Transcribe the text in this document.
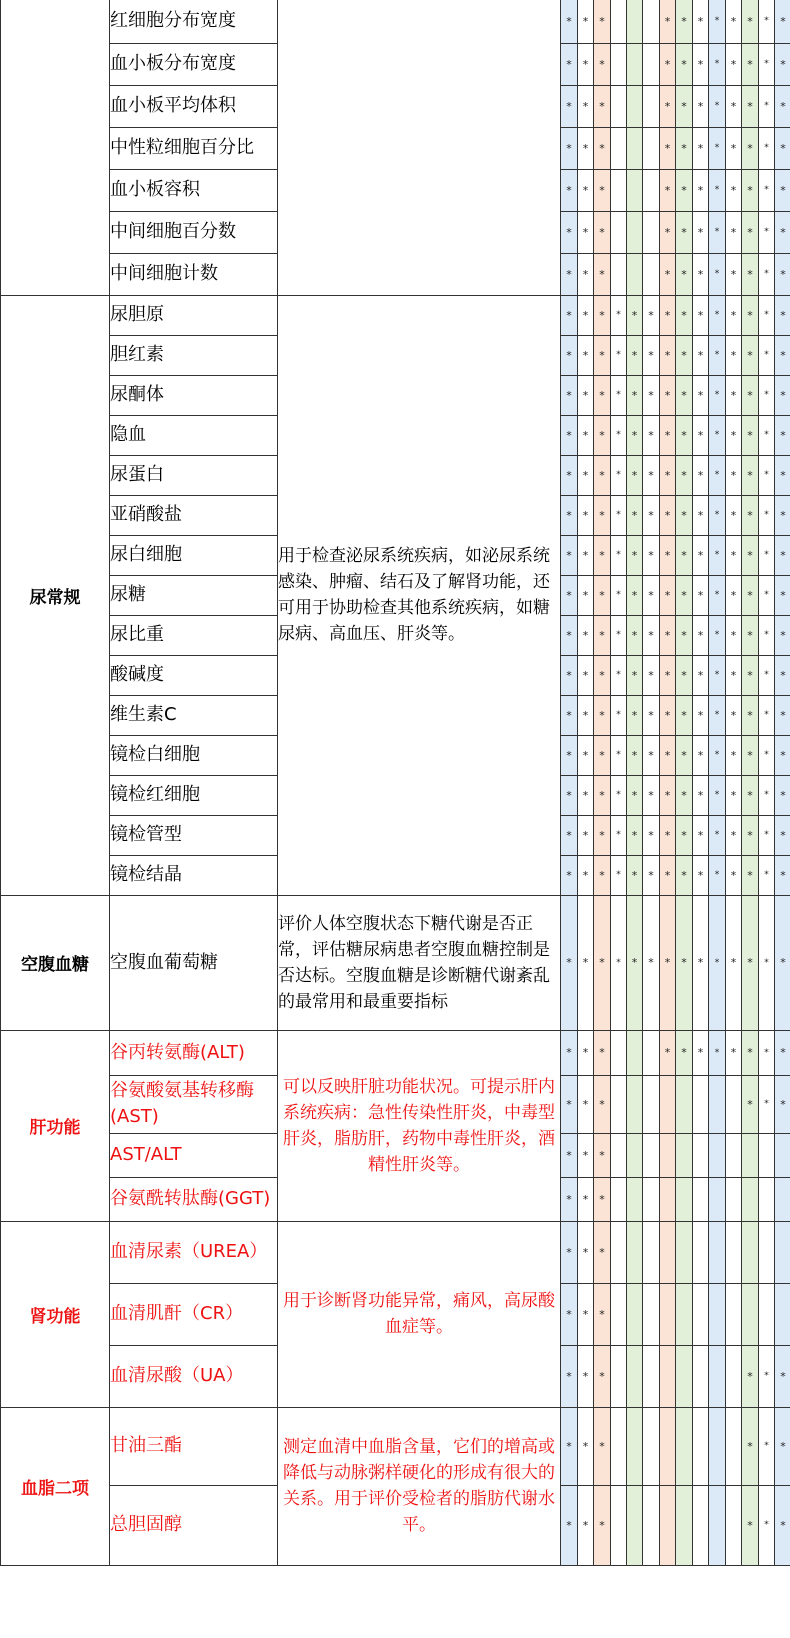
	红细胞分布宽度		*	*	*				*	*	*	*	*	*	*	*
	血小板分布宽度		*	*	*				*	*	*	*	*	*	*	*
	血小板平均体积		*	*	*				*	*	*	*	*	*	*	*
	中性粒细胞百分比		*	*	*				*	*	*	*	*	*	*	*
	血小板容积		*	*	*				*	*	*	*	*	*	*	*
	中间细胞百分数		*	*	*				*	*	*	*	*	*	*	*
	中间细胞计数		*	*	*				*	*	*	*	*	*	*	*
尿常规	尿胆原	用于检查泌尿系统疾病，如泌尿系统感染、肿瘤、结石及了解肾功能，还可用于协助检查其他系统疾病，如糖尿病、高血压、肝炎等。	*	*	*	*	*	*	*	*	*	*	*	*	*	*
	胆红素		*	*	*	*	*	*	*	*	*	*	*	*	*	*
	尿酮体		*	*	*	*	*	*	*	*	*	*	*	*	*	*
	隐血		*	*	*	*	*	*	*	*	*	*	*	*	*	*
	尿蛋白		*	*	*	*	*	*	*	*	*	*	*	*	*	*
	亚硝酸盐		*	*	*	*	*	*	*	*	*	*	*	*	*	*
	尿白细胞		*	*	*	*	*	*	*	*	*	*	*	*	*	*
	尿糖		*	*	*	*	*	*	*	*	*	*	*	*	*	*
	尿比重		*	*	*	*	*	*	*	*	*	*	*	*	*	*
	酸碱度		*	*	*	*	*	*	*	*	*	*	*	*	*	*
	维生素C		*	*	*	*	*	*	*	*	*	*	*	*	*	*
	镜检白细胞		*	*	*	*	*	*	*	*	*	*	*	*	*	*
	镜检红细胞		*	*	*	*	*	*	*	*	*	*	*	*	*	*
	镜检管型		*	*	*	*	*	*	*	*	*	*	*	*	*	*
	镜检结晶		*	*	*	*	*	*	*	*	*	*	*	*	*	*
空腹血糖	空腹血葡萄糖	评价人体空腹状态下糖代谢是否正常，评估糖尿病患者空腹血糖控制是否达标。空腹血糖是诊断糖代谢紊乱的最常用和最重要指标	*	*	*	*	*	*	*	*	*	*	*	*	*	*
肝功能	谷丙转氨酶(ALT)	可以反映肝脏功能状况。可提示肝内系统疾病：急性传染性肝炎，中毒型肝炎，脂肪肝，药物中毒性肝炎，酒精性肝炎等。	*	*	*				*	*	*	*	*	*	*	*
	谷氨酸氨基转移酶(AST)		*	*	*									*	*	*
	AST/ALT		*	*	*											
	谷氨酰转肽酶(GGT)		*	*	*											
肾功能	血清尿素（UREA）	用于诊断肾功能异常，痛风，高尿酸血症等。	*	*	*											
	血清肌酐（CR）		*	*	*											
	血清尿酸（UA）		*	*	*									*	*	*
血脂二项	甘油三酯	测定血清中血脂含量，它们的增高或降低与动脉粥样硬化的形成有很大的关系。用于评价受检者的脂肪代谢水平。	*	*	*									*	*	*
	总胆固醇		*	*	*									*	*	*
